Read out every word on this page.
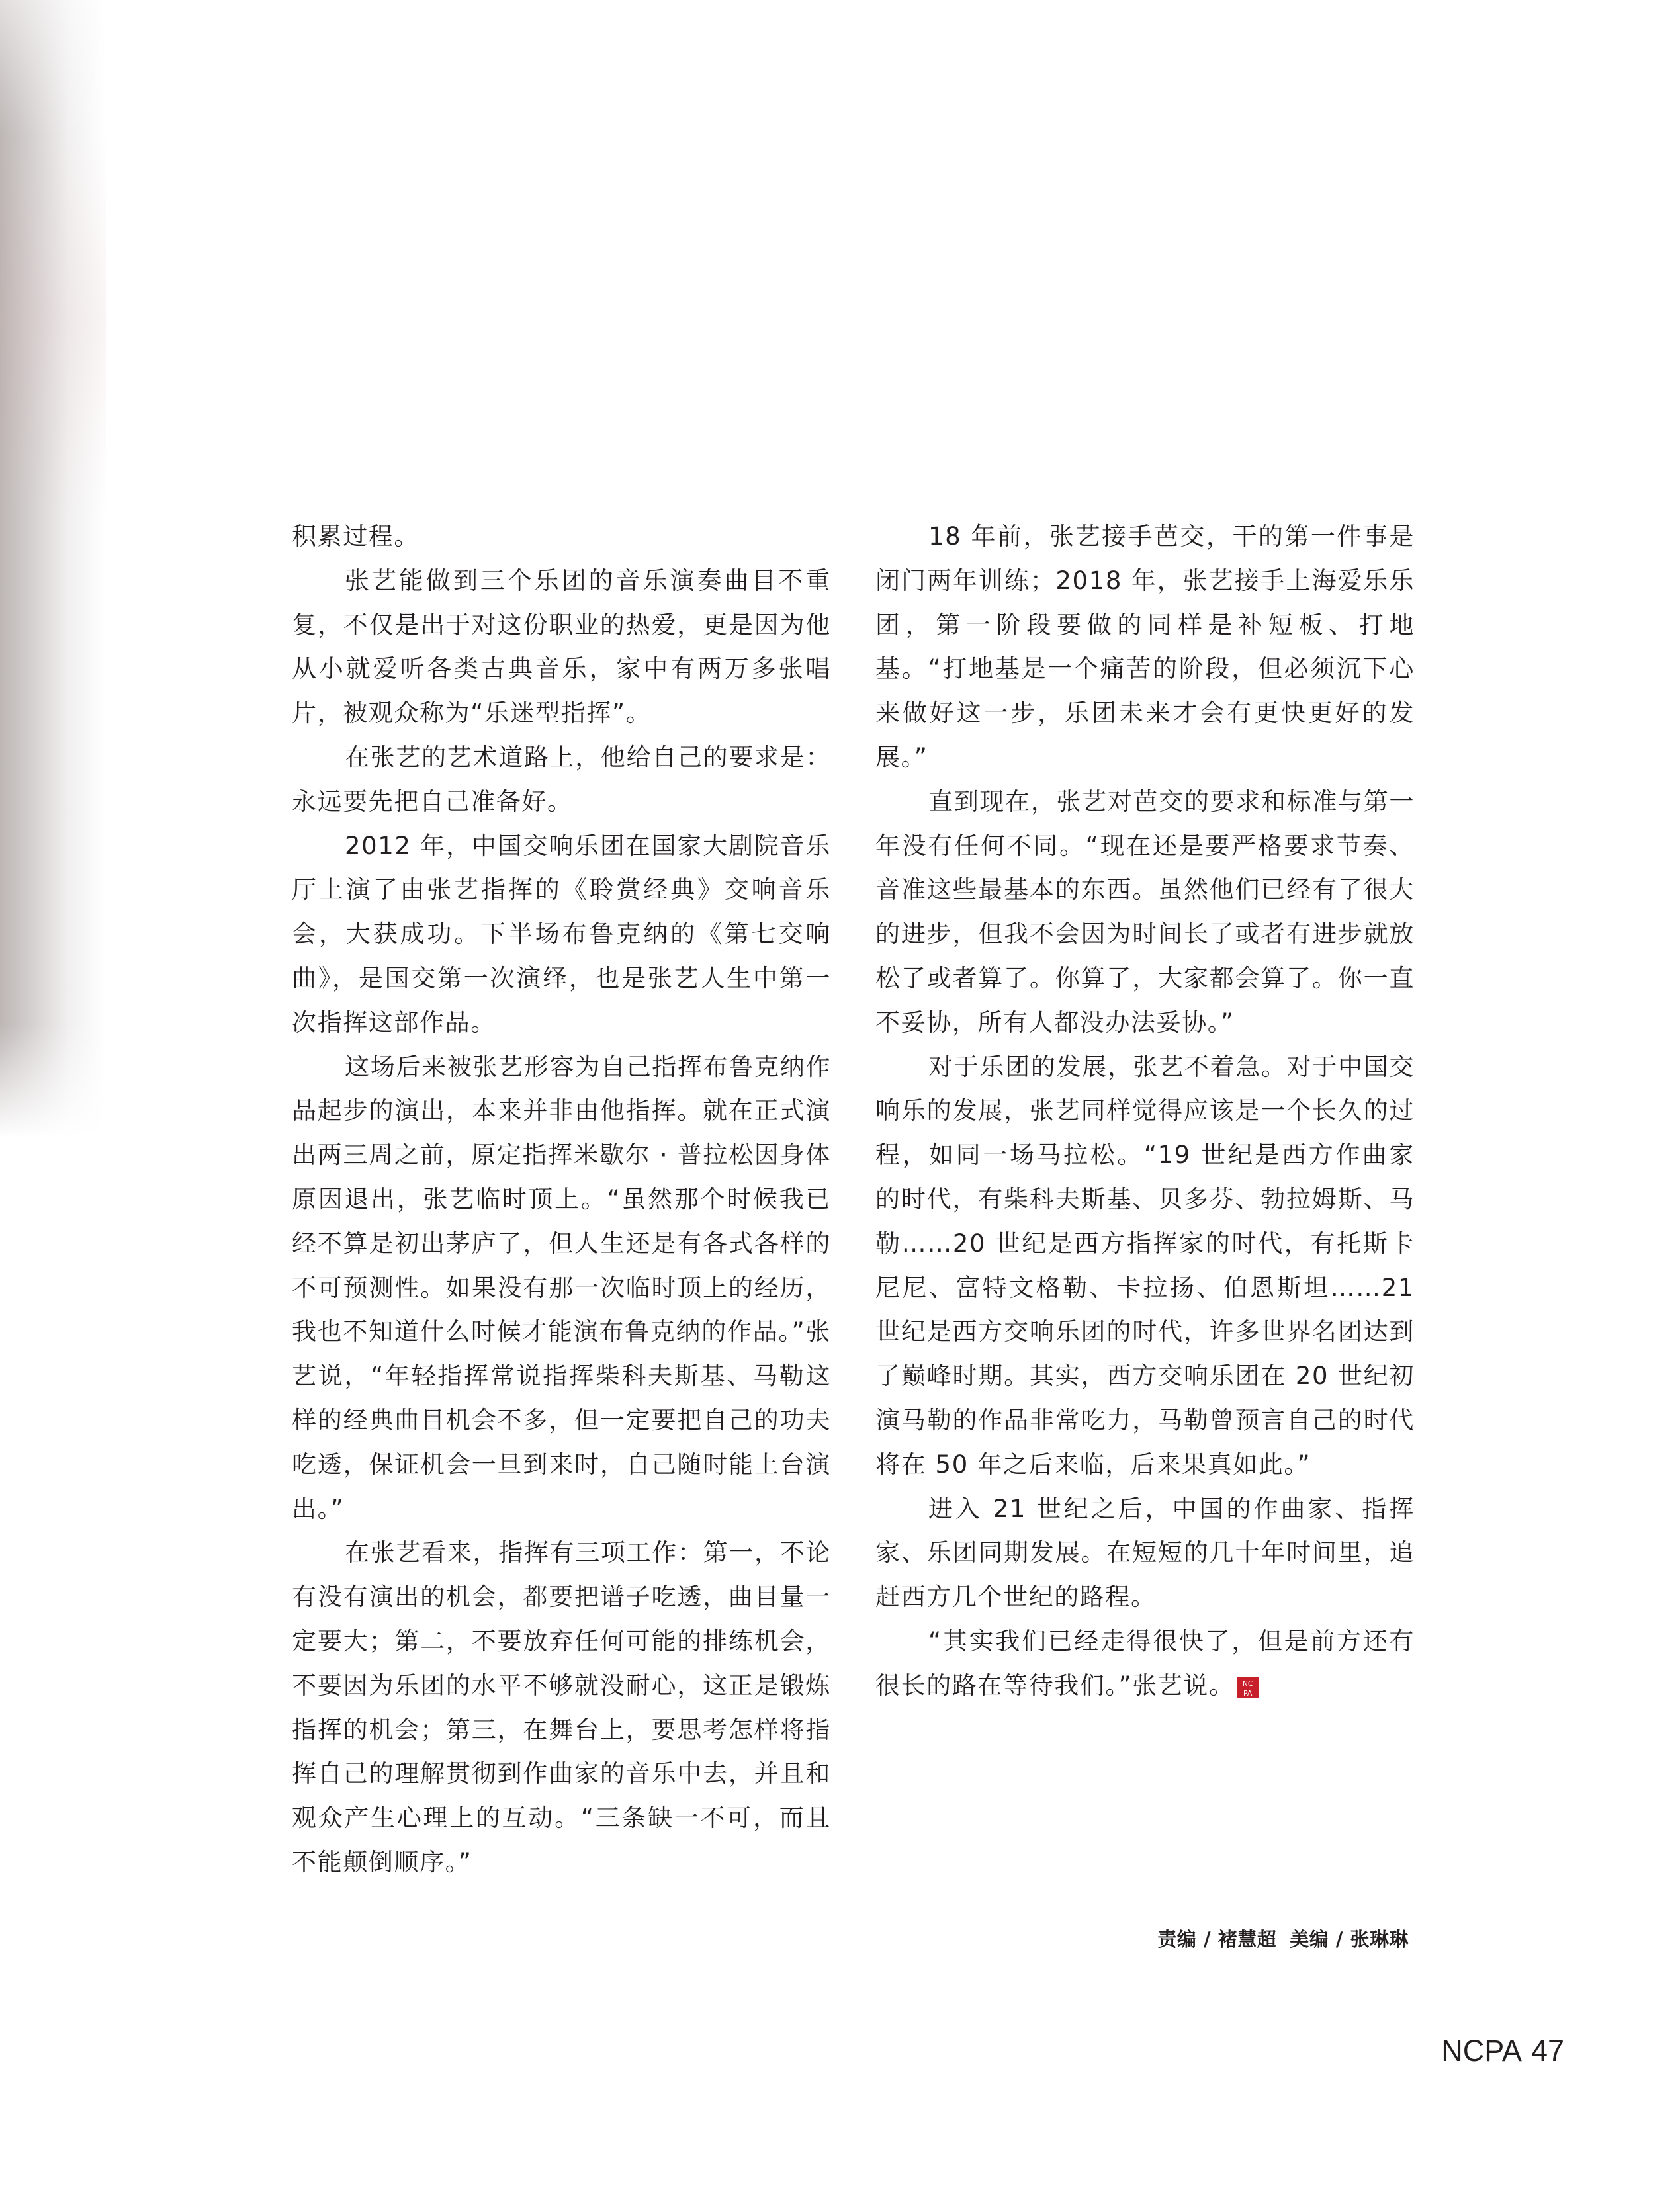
积累过程。

张艺能做到三个乐团的音乐演奏曲目不重复，不仅是出于对这份职业的热爱，更是因为他从小就爱听各类古典音乐，家中有两万多张唱片，被观众称为“乐迷型指挥”。

在张艺的艺术道路上，他给自己的要求是：永远要先把自己准备好。

2012 年，中国交响乐团在国家大剧院音乐厅上演了由张艺指挥的《聆赏经典》交响音乐会，大获成功。下半场布鲁克纳的《第七交响曲》，是国交第一次演绎，也是张艺人生中第一次指挥这部作品。

这场后来被张艺形容为自己指挥布鲁克纳作品起步的演出，本来并非由他指挥。就在正式演出两三周之前，原定指挥米歇尔 · 普拉松因身体原因退出，张艺临时顶上。“虽然那个时候我已经不算是初出茅庐了，但人生还是有各式各样的不可预测性。如果没有那一次临时顶上的经历，我也不知道什么时候才能演布鲁克纳的作品。”张艺说，“年轻指挥常说指挥柴科夫斯基、马勒这样的经典曲目机会不多，但一定要把自己的功夫吃透，保证机会一旦到来时，自己随时能上台演出。”

在张艺看来，指挥有三项工作：第一，不论有没有演出的机会，都要把谱子吃透，曲目量一定要大；第二，不要放弃任何可能的排练机会，不要因为乐团的水平不够就没耐心，这正是锻炼指挥的机会；第三，在舞台上，要思考怎样将指挥自己的理解贯彻到作曲家的音乐中去，并且和观众产生心理上的互动。“三条缺一不可，而且不能颠倒顺序。”

18 年前，张艺接手芭交，干的第一件事是闭门两年训练；2018 年，张艺接手上海爱乐乐团，第一阶段要做的同样是补短板、打地基。“打地基是一个痛苦的阶段，但必须沉下心来做好这一步，乐团未来才会有更快更好的发展。”

直到现在，张艺对芭交的要求和标准与第一年没有任何不同。“现在还是要严格要求节奏、音准这些最基本的东西。虽然他们已经有了很大的进步，但我不会因为时间长了或者有进步就放松了或者算了。你算了，大家都会算了。你一直不妥协，所有人都没办法妥协。”

对于乐团的发展，张艺不着急。对于中国交响乐的发展，张艺同样觉得应该是一个长久的过程，如同一场马拉松。“19 世纪是西方作曲家的时代，有柴科夫斯基、贝多芬、勃拉姆斯、马勒……20 世纪是西方指挥家的时代，有托斯卡尼尼、富特文格勒、卡拉扬、伯恩斯坦……21 世纪是西方交响乐团的时代，许多世界名团达到了巅峰时期。其实，西方交响乐团在 20 世纪初演马勒的作品非常吃力，马勒曾预言自己的时代将在 50 年之后来临，后来果真如此。”

进入 21 世纪之后，中国的作曲家、指挥家、乐团同期发展。在短短的几十年时间里，追赶西方几个世纪的路程。

“其实我们已经走得很快了，但是前方还有很长的路在等待我们。”张艺说。 NC
PA

责编 / 褚慧超 美编 / 张琳琳
NCPA 47
